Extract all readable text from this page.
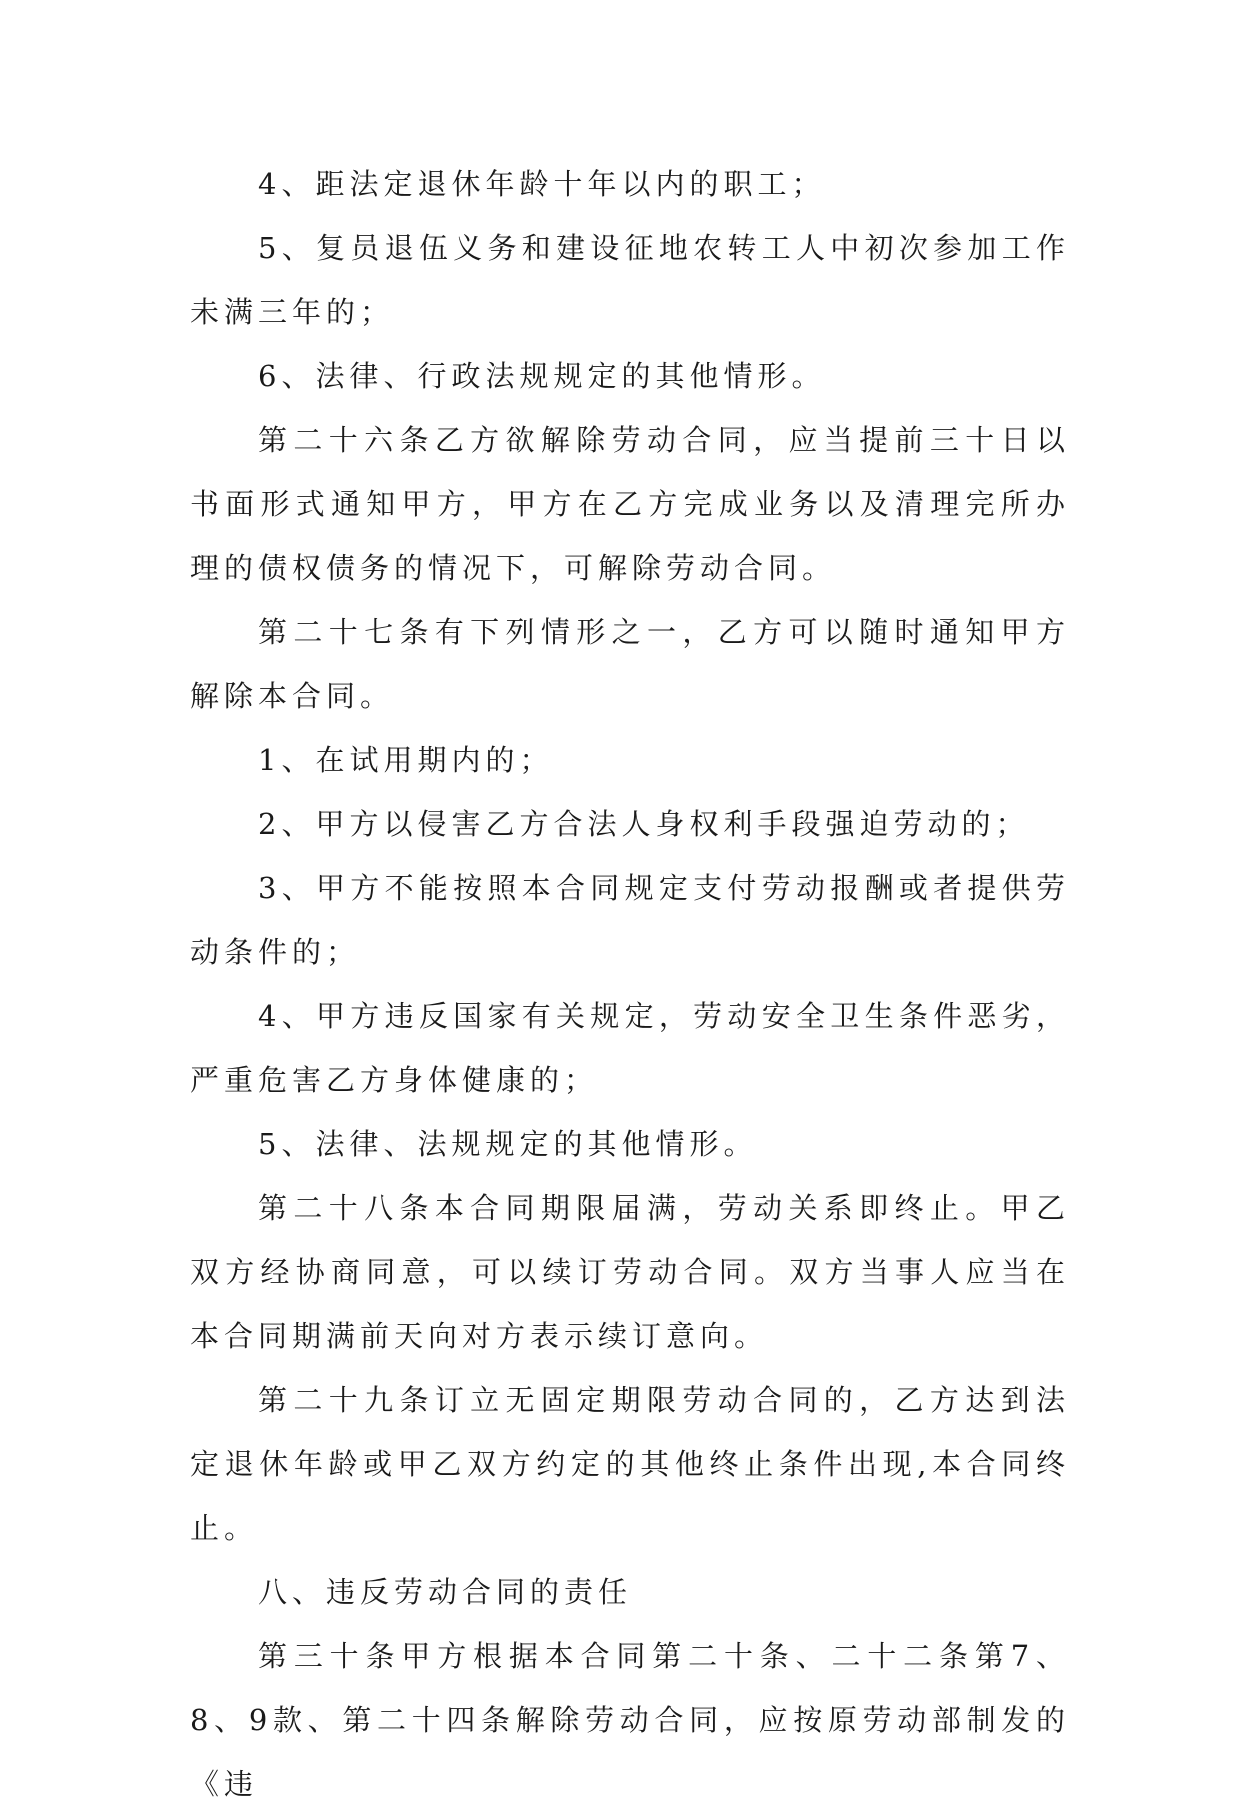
4、距法定退休年龄十年以内的职工；

5、复员退伍义务和建设征地农转工人中初次参加工作未满三年的；

6、法律、行政法规规定的其他情形。

第二十六条乙方欲解除劳动合同，应当提前三十日以书面形式通知甲方，甲方在乙方完成业务以及清理完所办理的债权债务的情况下，可解除劳动合同。

第二十七条有下列情形之一，乙方可以随时通知甲方解除本合同。

1、在试用期内的；

2、甲方以侵害乙方合法人身权利手段强迫劳动的；

3、甲方不能按照本合同规定支付劳动报酬或者提供劳动条件的；

4、甲方违反国家有关规定，劳动安全卫生条件恶劣，严重危害乙方身体健康的；

5、法律、法规规定的其他情形。

第二十八条本合同期限届满，劳动关系即终止。甲乙双方经协商同意，可以续订劳动合同。双方当事人应当在本合同期满前天向对方表示续订意向。

第二十九条订立无固定期限劳动合同的，乙方达到法定退休年龄或甲乙双方约定的其他终止条件出现,本合同终止。

八、违反劳动合同的责任

第三十条甲方根据本合同第二十条、二十二条第7、8、9款、第二十四条解除劳动合同，应按原劳动部制发的《违
